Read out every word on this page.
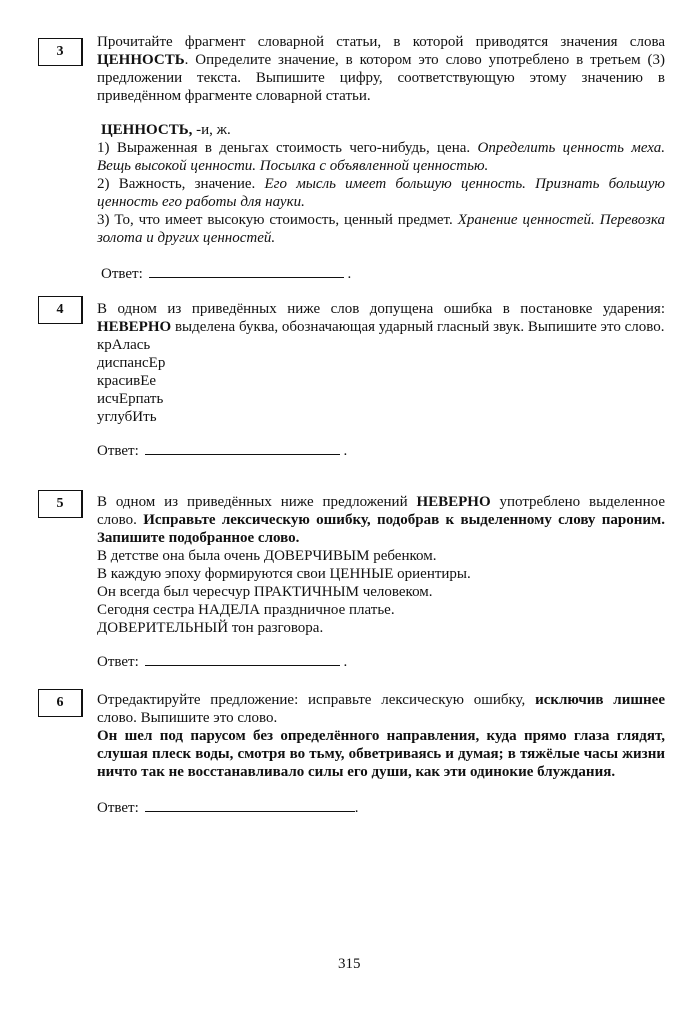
3

Прочитайте фрагмент словарной статьи, в которой приводятся значения слова ЦЕННОСТЬ. Определите значение, в котором это слово употреблено в третьем (3) предложении текста. Выпишите цифру, соответствующую этому значению в приведённом фрагменте словарной статьи.

ЦЕННОСТЬ, -и, ж.

1) Выраженная в деньгах стоимость чего-нибудь, цена. Определить ценность меха. Вещь высокой ценности. Посылка с объявленной ценностью.

2) Важность, значение. Его мысль имеет большую ценность. Признать большую ценность его работы для науки.

3) То, что имеет высокую стоимость, ценный предмет. Хранение ценностей. Перевозка золота и других ценностей.

Ответ:	.

4	В одном из приведённых ниже слов допущена ошибка в постановке ударения: НЕВЕРНО выделена буква, обозначающая ударный гласный звук. Выпишите это слово.

крАлась

диспансЕр

красивЕе

исчЕрпать

углубИть

Ответ:	.

5	В одном из приведённых ниже предложений НЕВЕРНО употреблено выделенное слово. Исправьте лексическую ошибку, подобрав к выделенному слову пароним. Запишите подобранное слово.

В детстве она была очень ДОВЕРЧИВЫМ ребенком.

В каждую эпоху формируются свои ЦЕННЫЕ ориентиры.

Он всегда был чересчур ПРАКТИЧНЫМ человеком.

Сегодня сестра НАДЕЛА праздничное платье.

ДОВЕРИТЕЛЬНЫЙ тон разговора.

Ответ:	.

6	Отредактируйте предложение: исправьте лексическую ошибку, исключив лишнее слово. Выпишите это слово.

Он шел под парусом без определённого направления, куда прямо глаза глядят, слушая плеск воды, смотря во тьму, обветриваясь и думая; в тяжёлые часы жизни ничто так не восстанавливало силы его души, как эти одинокие блуждания.

Ответ:	.

315
